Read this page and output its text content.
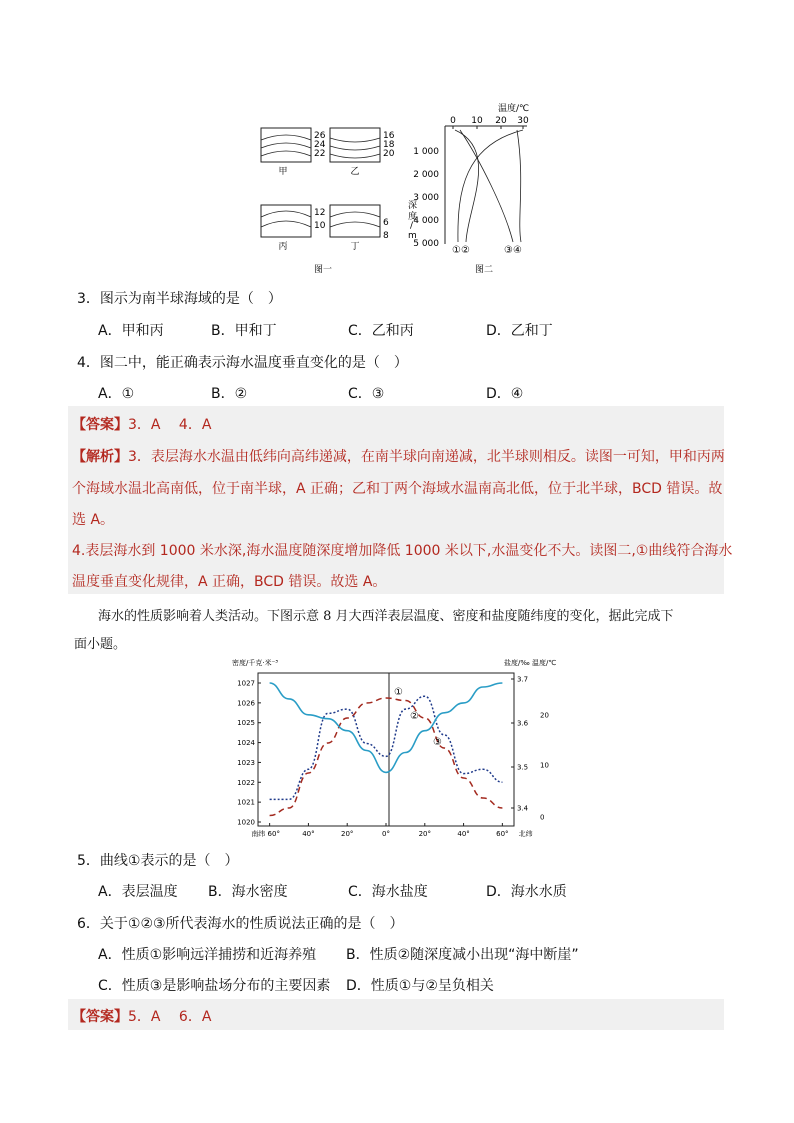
26
24
22
甲
16
18
20
乙
12
10
丙
6
8
丁
图一
温度/℃
0 10 20 30
1 000
2 000
3 000
4 000
5 000
深
度
/
m
①②	③④
图二
3．图示为南半球海域的是（　）
A．甲和丙	B．甲和丁	C．乙和丙	D．乙和丁
4．图二中，能正确表示海水温度垂直变化的是（　）
A．①	B．②	C．③	D．④
【答案】3．A　 4．A
【解析】3．表层海水水温由低纬向高纬递减，在南半球向南递减，北半球则相反。读图一可知，甲和丙两
个海域水温北高南低，位于南半球，A 正确；乙和丁两个海域水温南高北低，位于北半球，BCD 错误。故
选 A。
4.表层海水到 1000 米水深,海水温度随深度增加降低 1000 米以下,水温变化不大。读图二,①曲线符合海水
温度垂直变化规律，A 正确，BCD 错误。故选 A。
海水的性质影响着人类活动。下图示意 8 月大西洋表层温度、密度和盐度随纬度的变化，据此完成下
面小题。
密度/千克·米⁻³	盐度/‰ 温度/℃
1027
1026
1025
1024
1023
1022
1021
1020
3.7
3.6
3.5
3.4
20
10
0
南纬 60°	40°	20°	0°	20°	40°	60° 北纬
①
②
③
5．曲线①表示的是（　）
A．表层温度 B．海水密度	C．海水盐度	D．海水水质
6．关于①②③所代表海水的性质说法正确的是（　）
A．性质①影响远洋捕捞和近海养殖 B．性质②随深度减小出现“海中断崖”
C．性质③是影响盐场分布的主要因素 D．性质①与②呈负相关
【答案】5．A　 6．A
